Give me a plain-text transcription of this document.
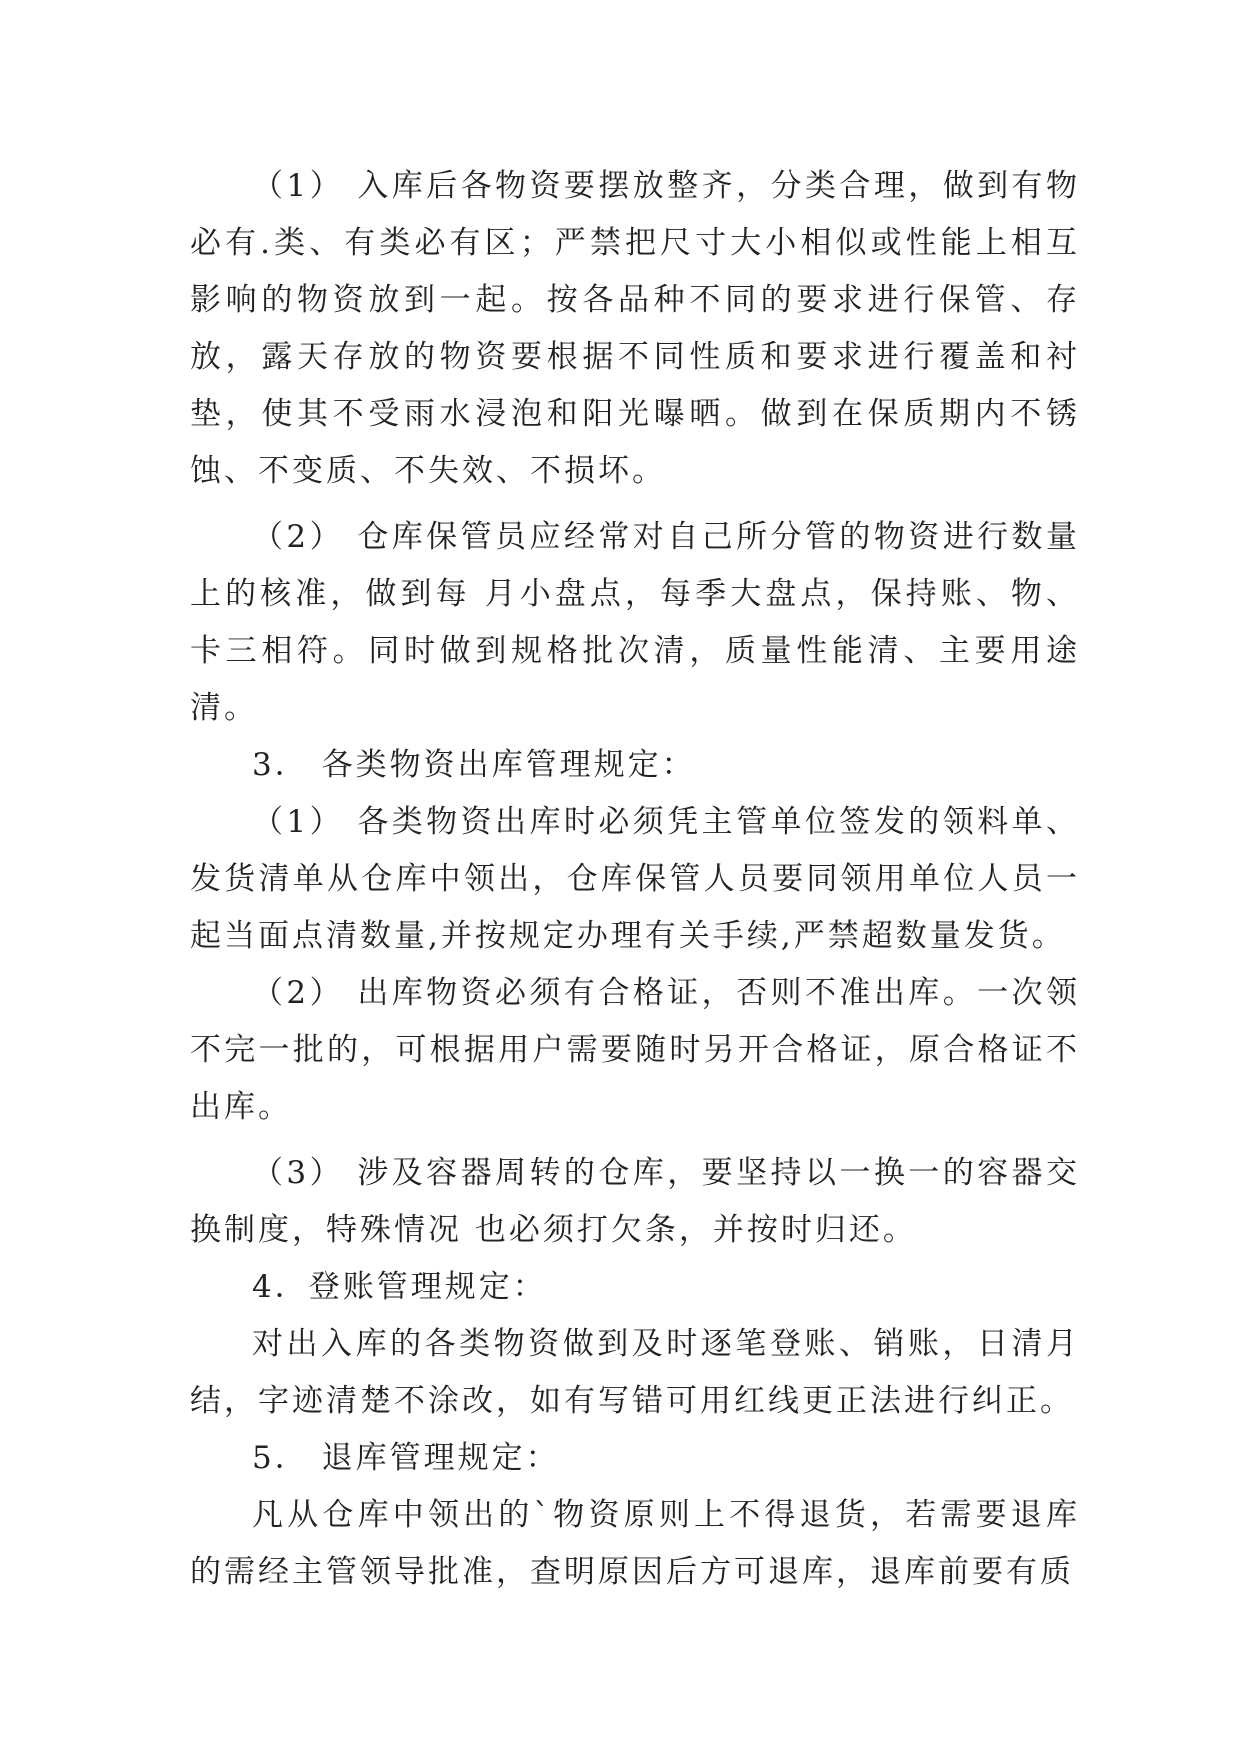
（1） 入库后各物资要摆放整齐，分类合理，做到有物必有.类、有类必有区；严禁把尺寸大小相似或性能上相互影响的物资放到一起。按各品种不同的要求进行保管、存放，露天存放的物资要根据不同性质和要求进行覆盖和衬垫，使其不受雨水浸泡和阳光曝晒。做到在保质期内不锈蚀、不变质、不失效、不损坏。

（2） 仓库保管员应经常对自己所分管的物资进行数量上的核准，做到每 月小盘点，每季大盘点，保持账、物、卡三相符。同时做到规格批次清，质量性能清、主要用途清。

3． 各类物资出库管理规定：

（1） 各类物资出库时必须凭主管单位签发的领料单、发货清单从仓库中领出，仓库保管人员要同领用单位人员一起当面点清数量,并按规定办理有关手续,严禁超数量发货。

（2） 出库物资必须有合格证，否则不准出库。一次领不完一批的，可根据用户需要随时另开合格证，原合格证不出库。

（3） 涉及容器周转的仓库，要坚持以一换一的容器交换制度，特殊情况 也必须打欠条，并按时归还。

4．登账管理规定：

对出入库的各类物资做到及时逐笔登账、销账，日清月结，字迹清楚不涂改，如有写错可用红线更正法进行纠正。

5． 退库管理规定：

凡从仓库中领出的`物资原则上不得退货，若需要退库的需经主管领导批准，查明原因后方可退库，退库前要有质
